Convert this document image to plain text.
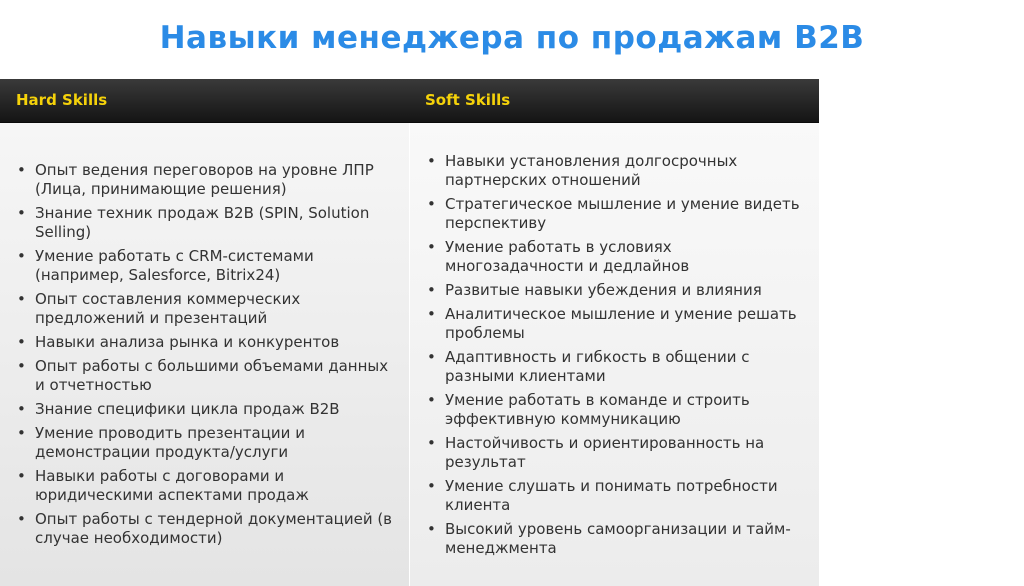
Навыки менеджера по продажам B2B
Hard Skills	Soft Skills
• Опыт ведения переговоров на уровне ЛПР (Лица, принимающие решения)
• Знание техник продаж B2B (SPIN, Solution Selling)
• Умение работать с CRM-системами (например, Salesforce, Bitrix24)
• Опыт составления коммерческих предложений и презентаций
• Навыки анализа рынка и конкурентов
• Опыт работы с большими объемами данных и отчетностью
• Знание специфики цикла продаж B2B
• Умение проводить презентации и демонстрации продукта/услуги
• Навыки работы с договорами и юридическими аспектами продаж
• Опыт работы с тендерной документацией (в случае необходимости)
• Навыки установления долгосрочных партнерских отношений
• Стратегическое мышление и умение видеть перспективу
• Умение работать в условиях многозадачности и дедлайнов
• Развитые навыки убеждения и влияния
• Аналитическое мышление и умение решать проблемы
• Адаптивность и гибкость в общении с разными клиентами
• Умение работать в команде и строить эффективную коммуникацию
• Настойчивость и ориентированность на результат
• Умение слушать и понимать потребности клиента
• Высокий уровень самоорганизации и тайм-менеджмента
